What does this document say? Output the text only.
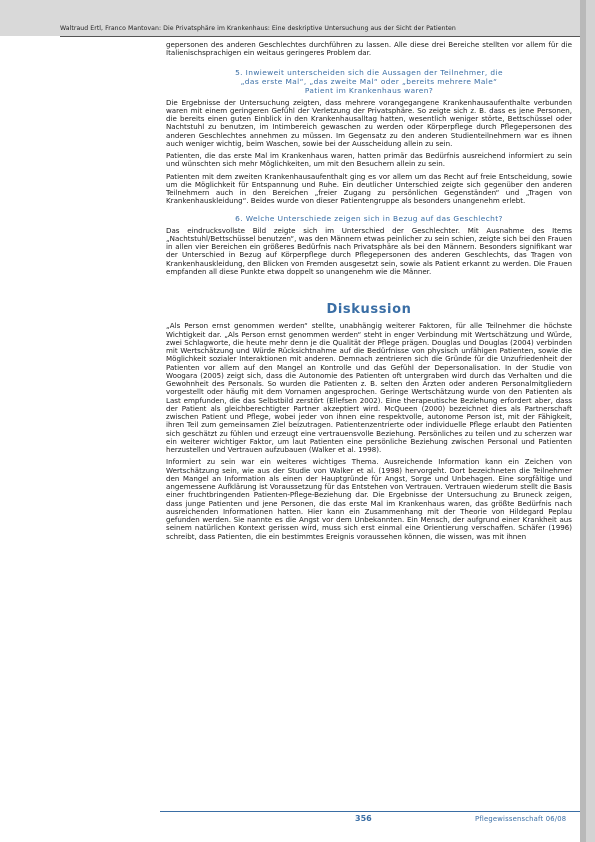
Waltraud Ertl, Franco Mantovan: Die Privatsphäre im Krankenhaus: Eine deskriptive Untersuchung aus der Sicht der Patienten

gepersonen des anderen Geschlechtes durchführen zu lassen. Alle diese drei Bereiche stellten vor allem für die Italienischsprachigen ein weitaus geringeres Problem dar.

5. Inwieweit unterscheiden sich die Aussagen der Teilnehmer, die
„das erste Mal“, „das zweite Mal“ oder „bereits mehrere Male“
Patient im Krankenhaus waren?

Die Ergebnisse der Untersuchung zeigten, dass mehrere vorangegangene Krankenhausaufenthalte verbunden waren mit einem geringeren Gefühl der Verletzung der Privatsphäre. So zeigte sich z. B. dass es jene Personen, die bereits einen guten Einblick in den Krankenhausalltag hatten, wesentlich weniger störte, Bettschüssel oder Nachtstuhl zu benutzen, im Intimbereich gewaschen zu werden oder Körperpflege durch Pflegepersonen des anderen Geschlechtes annehmen zu müssen. Im Gegensatz zu den anderen Studienteilnehmern war es ihnen auch weniger wichtig, beim Waschen, sowie bei der Ausscheidung allein zu sein.

Patienten, die das erste Mal im Krankenhaus waren, hatten primär das Bedürfnis ausreichend informiert zu sein und wünschten sich mehr Möglichkeiten, um mit den Besuchern allein zu sein.

Patienten mit dem zweiten Krankenhausaufenthalt ging es vor allem um das Recht auf freie Entscheidung, sowie um die Möglichkeit für Entspannung und Ruhe. Ein deutlicher Unterschied zeigte sich gegenüber den anderen Teilnehmern auch in den Bereichen „freier Zugang zu persönlichen Gegenständen“ und „Tragen von Krankenhauskleidung“. Beides wurde von dieser Patientengruppe als besonders unangenehm erlebt.

6. Welche Unterschiede zeigen sich in Bezug auf das Geschlecht?

Das eindrucksvollste Bild zeigte sich im Unterschied der Geschlechter. Mit Ausnahme des Items „Nachtstuhl/Bettschüssel benutzen“, was den Männern etwas peinlicher zu sein schien, zeigte sich bei den Frauen in allen vier Bereichen ein größeres Bedürfnis nach Privatsphäre als bei den Männern. Besonders signifikant war der Unterschied in Bezug auf Körperpflege durch Pflegepersonen des anderen Geschlechts, das Tragen von Krankenhauskleidung, den Blicken von Fremden ausgesetzt sein, sowie als Patient erkannt zu werden. Die Frauen empfanden all diese Punkte etwa doppelt so unangenehm wie die Männer.

Diskussion

„Als Person ernst genommen werden“ stellte, unabhängig weiterer Faktoren, für alle Teilnehmer die höchste Wichtigkeit dar. „Als Person ernst genommen werden“ steht in enger Verbindung mit Wertschätzung und Würde, zwei Schlagworte, die heute mehr denn je die Qualität der Pflege prägen. Douglas und Douglas (2004) verbinden mit Wertschätzung und Würde Rücksichtnahme auf die Bedürfnisse von physisch unfähigen Patienten, sowie die Möglichkeit sozialer Interaktionen mit anderen. Demnach zentrieren sich die Gründe für die Unzufriedenheit der Patienten vor allem auf den Mangel an Kontrolle und das Gefühl der Depersonalisation. In der Studie von Woogara (2005) zeigt sich, dass die Autonomie des Patienten oft untergraben wird durch das Verhalten und die Gewohnheit des Personals. So wurden die Patienten z. B. selten den Ärzten oder anderen Personalmitgliedern vorgestellt oder häufig mit dem Vornamen angesprochen. Geringe Wertschätzung wurde von den Patienten als Last empfunden, die das Selbstbild zerstört (Ellefsen 2002). Eine therapeutische Beziehung erfordert aber, dass der Patient als gleichberechtigter Partner akzeptiert wird. McQueen (2000) bezeichnet dies als Partnerschaft zwischen Patient und Pflege, wobei jeder von ihnen eine respektvolle, autonome Person ist, mit der Fähigkeit, ihren Teil zum gemeinsamen Ziel beizutragen. Patientenzentrierte oder individuelle Pflege erlaubt den Patienten sich geschätzt zu fühlen und erzeugt eine vertrauensvolle Beziehung. Persönliches zu teilen und zu scherzen war ein weiterer wichtiger Faktor, um laut Patienten eine persönliche Beziehung zwischen Personal und Patienten herzustellen und Vertrauen aufzubauen (Walker et al. 1998).

Informiert zu sein war ein weiteres wichtiges Thema. Ausreichende Information kann ein Zeichen von Wertschätzung sein, wie aus der Studie von Walker et al. (1998) hervorgeht. Dort bezeichneten die Teilnehmer den Mangel an Information als einen der Hauptgründe für Angst, Sorge und Unbehagen. Eine sorgfältige und angemessene Aufklärung ist Voraussetzung für das Entstehen von Vertrauen. Vertrauen wiederum stellt die Basis einer fruchtbringenden Patienten-Pflege-Beziehung dar. Die Ergebnisse der Untersuchung zu Bruneck zeigen, dass junge Patienten und jene Personen, die das erste Mal im Krankenhaus waren, das größte Bedürfnis nach ausreichenden Informationen hatten. Hier kann ein Zusammenhang mit der Theorie von Hildegard Peplau gefunden werden. Sie nannte es die Angst vor dem Unbekannten. Ein Mensch, der aufgrund einer Krankheit aus seinem natürlichen Kontext gerissen wird, muss sich erst einmal eine Orientierung verschaffen. Schäfer (1996) schreibt, dass Patienten, die ein bestimmtes Ereignis voraussehen können, die wissen, was mit ihnen

356	Pflegewissenschaft 06/08
